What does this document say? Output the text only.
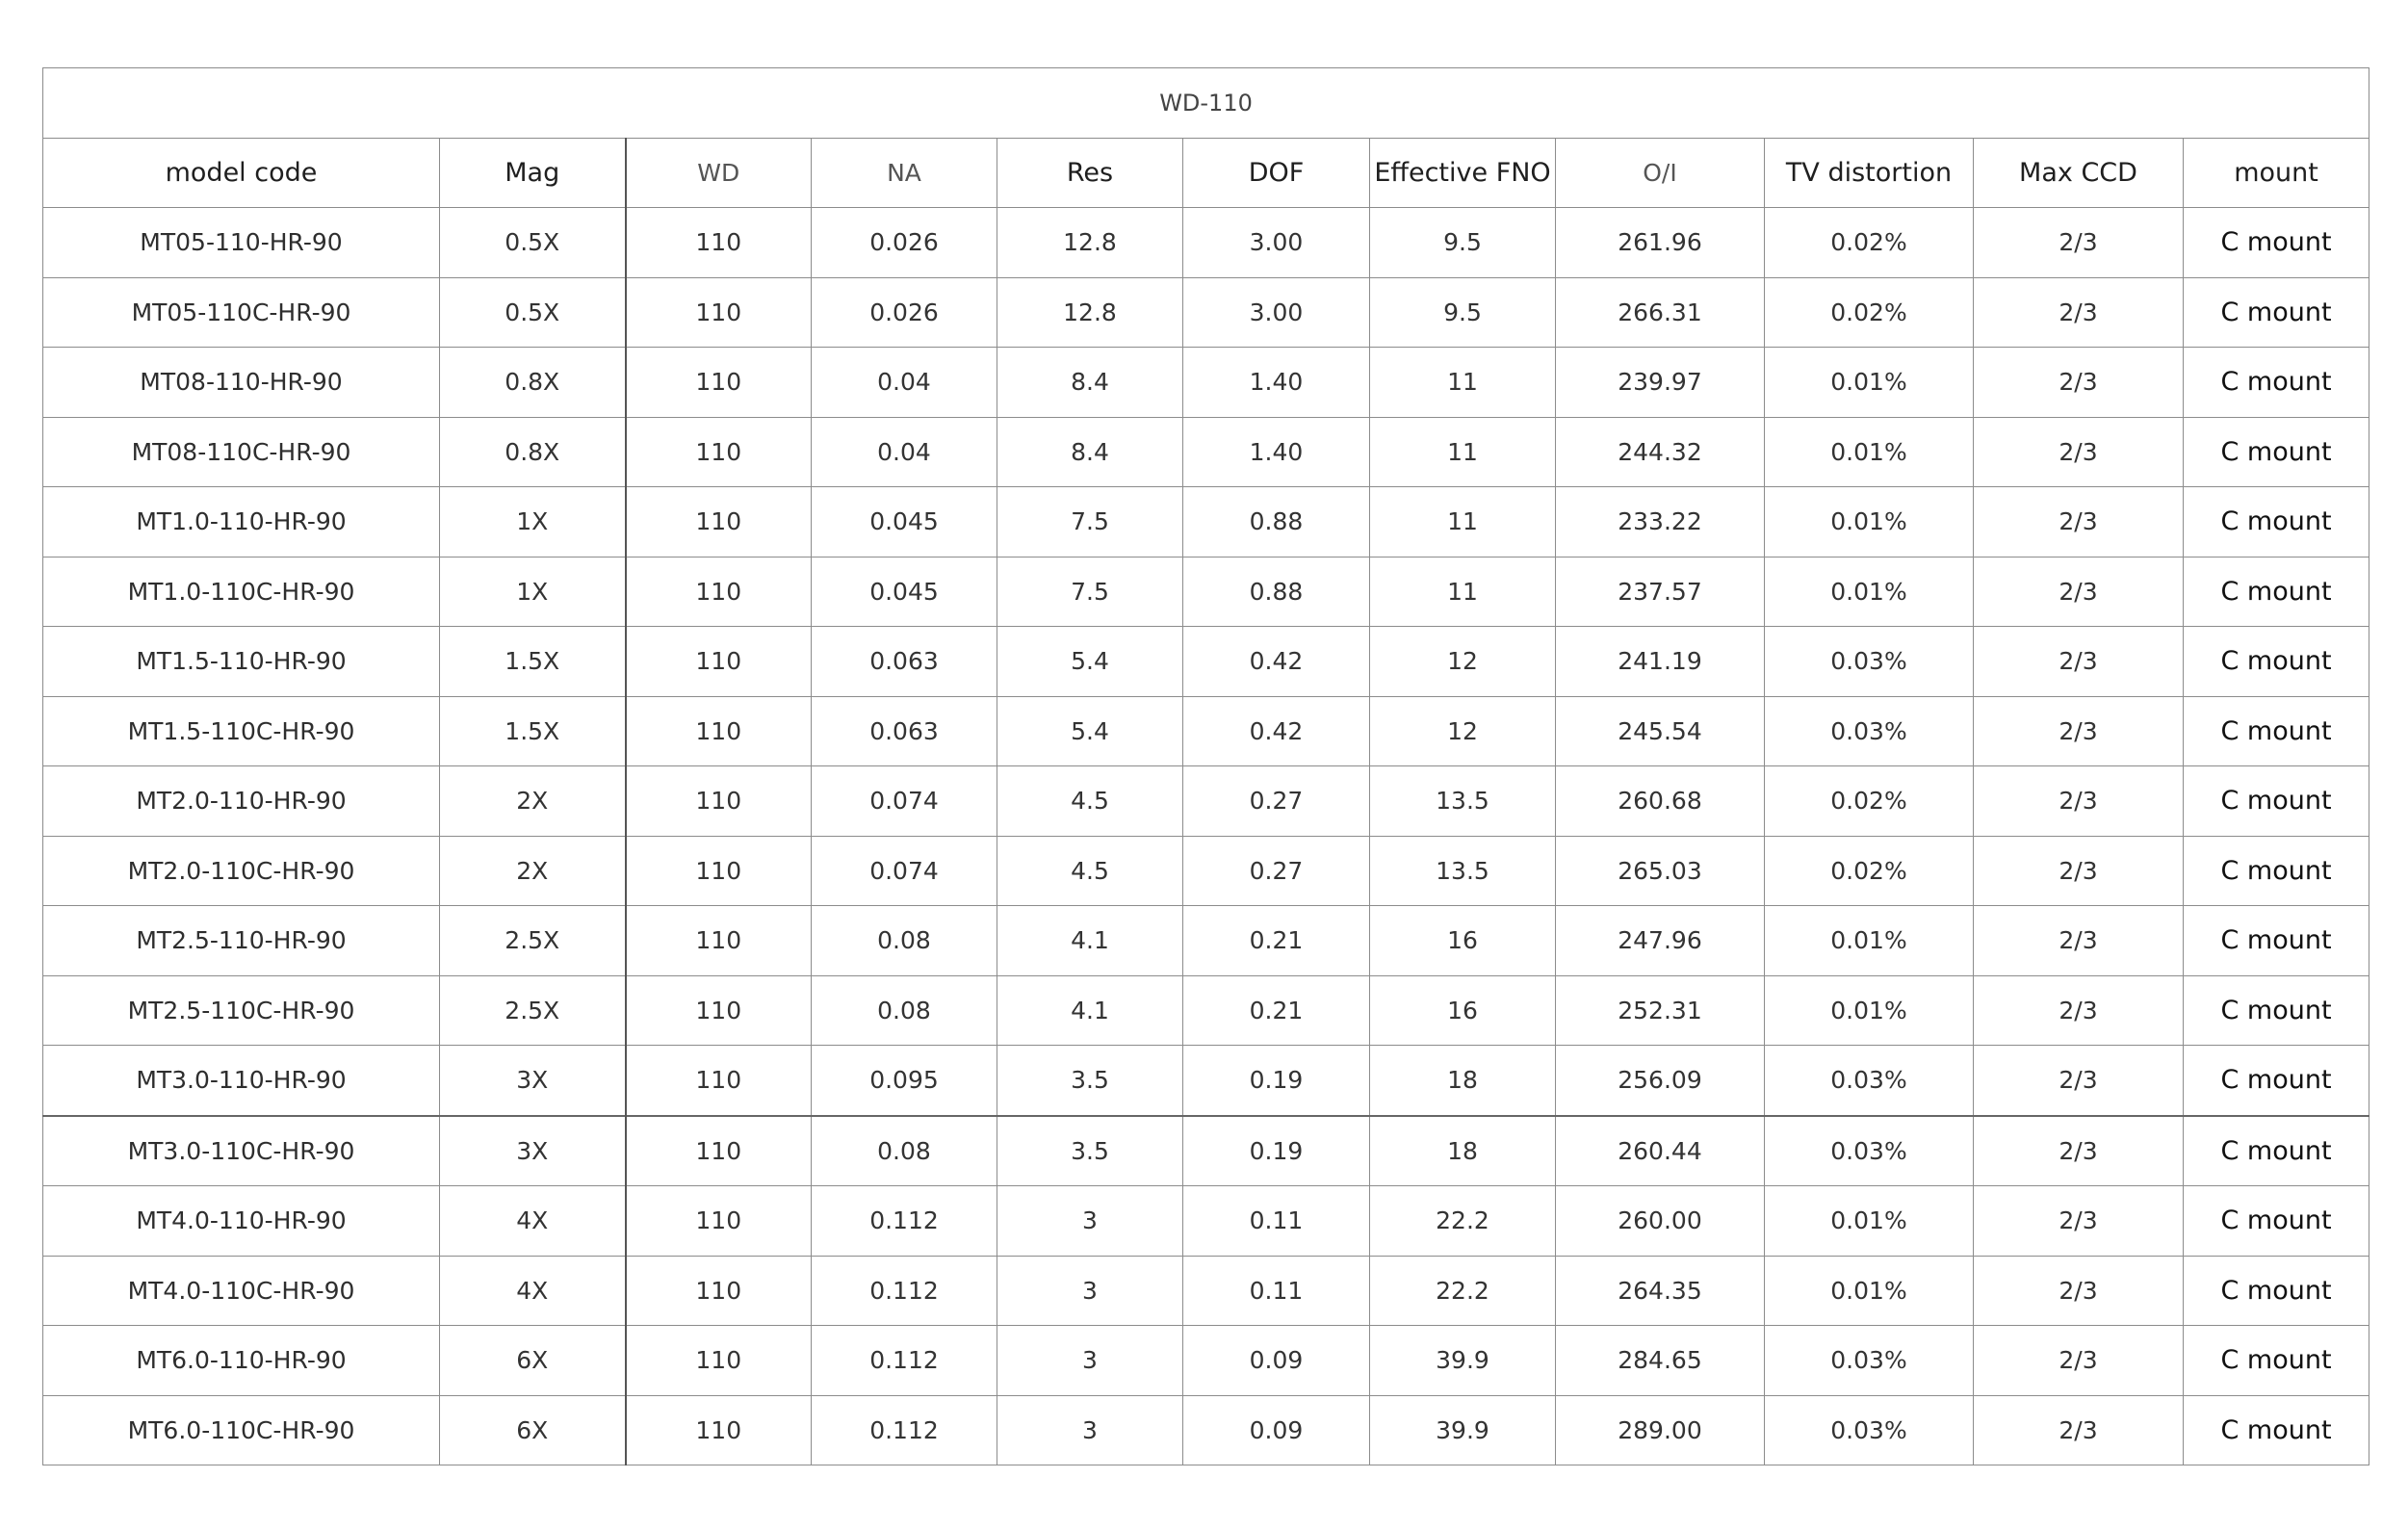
WD-110										
model code	Mag	WD	NA	Res	DOF	Effective FNO	O/I	TV distortion	Max CCD	mount
MT05-110-HR-90	0.5X	110	0.026	12.8	3.00	9.5	261.96	0.02%	2/3	C mount
MT05-110C-HR-90	0.5X	110	0.026	12.8	3.00	9.5	266.31	0.02%	2/3	C mount
MT08-110-HR-90	0.8X	110	0.04	8.4	1.40	11	239.97	0.01%	2/3	C mount
MT08-110C-HR-90	0.8X	110	0.04	8.4	1.40	11	244.32	0.01%	2/3	C mount
MT1.0-110-HR-90	1X	110	0.045	7.5	0.88	11	233.22	0.01%	2/3	C mount
MT1.0-110C-HR-90	1X	110	0.045	7.5	0.88	11	237.57	0.01%	2/3	C mount
MT1.5-110-HR-90	1.5X	110	0.063	5.4	0.42	12	241.19	0.03%	2/3	C mount
MT1.5-110C-HR-90	1.5X	110	0.063	5.4	0.42	12	245.54	0.03%	2/3	C mount
MT2.0-110-HR-90	2X	110	0.074	4.5	0.27	13.5	260.68	0.02%	2/3	C mount
MT2.0-110C-HR-90	2X	110	0.074	4.5	0.27	13.5	265.03	0.02%	2/3	C mount
MT2.5-110-HR-90	2.5X	110	0.08	4.1	0.21	16	247.96	0.01%	2/3	C mount
MT2.5-110C-HR-90	2.5X	110	0.08	4.1	0.21	16	252.31	0.01%	2/3	C mount
MT3.0-110-HR-90	3X	110	0.095	3.5	0.19	18	256.09	0.03%	2/3	C mount
MT3.0-110C-HR-90	3X	110	0.08	3.5	0.19	18	260.44	0.03%	2/3	C mount
MT4.0-110-HR-90	4X	110	0.112	3	0.11	22.2	260.00	0.01%	2/3	C mount
MT4.0-110C-HR-90	4X	110	0.112	3	0.11	22.2	264.35	0.01%	2/3	C mount
MT6.0-110-HR-90	6X	110	0.112	3	0.09	39.9	284.65	0.03%	2/3	C mount
MT6.0-110C-HR-90	6X	110	0.112	3	0.09	39.9	289.00	0.03%	2/3	C mount
